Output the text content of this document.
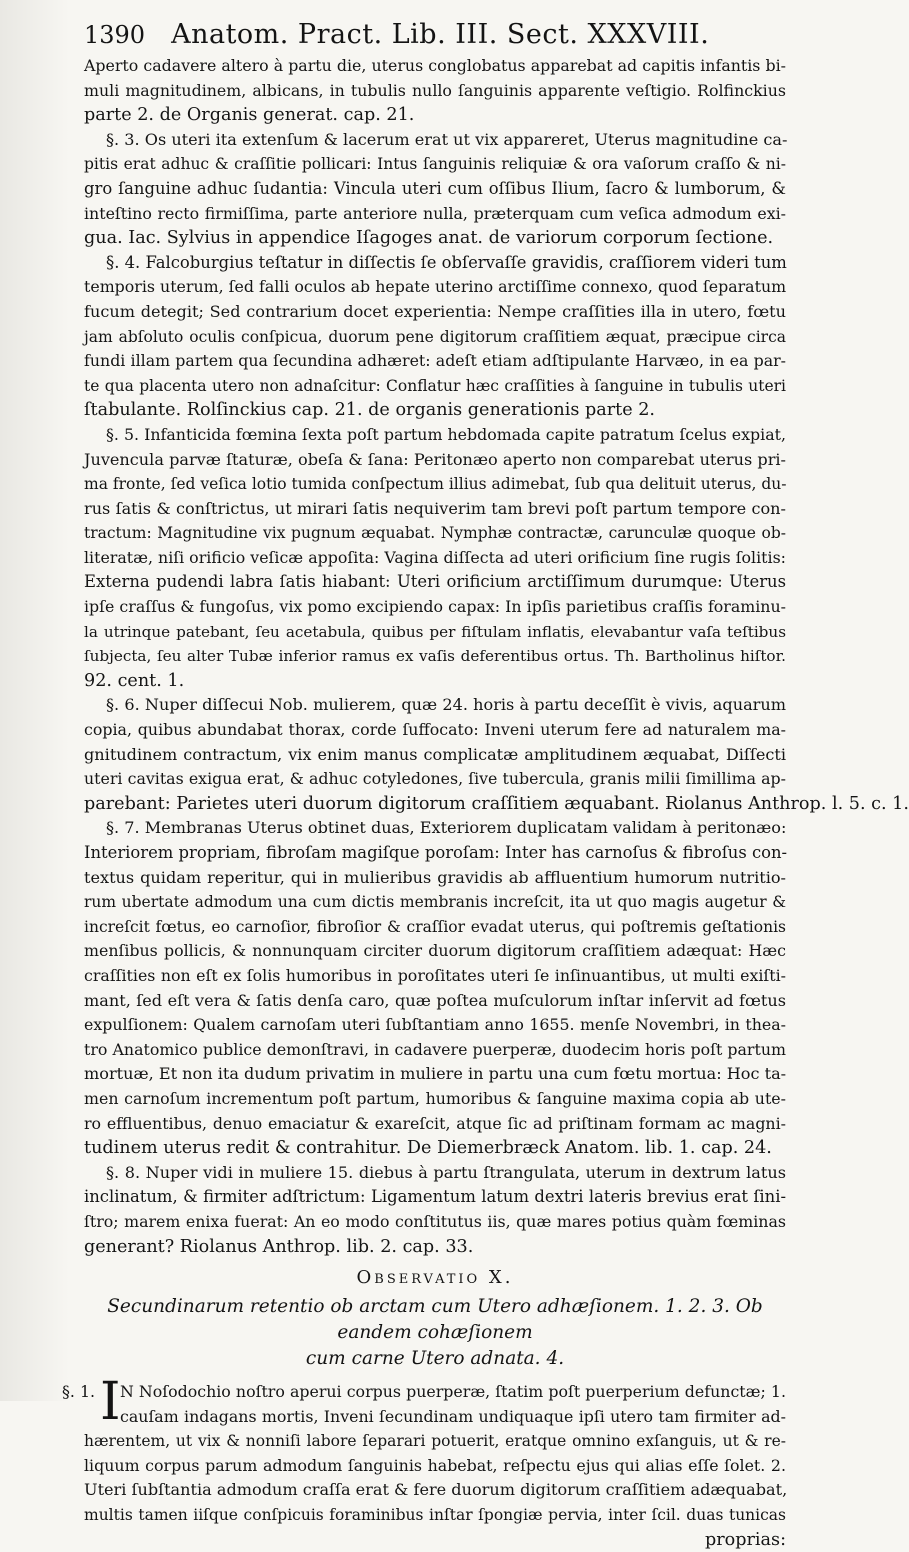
1390 Anatom. Pract. Lib. III. Sect. XXXVIII.
Aperto cadavere altero à partu die, uterus conglobatus apparebat ad capitis infantis bi-
muli magnitudinem, albicans, in tubulis nullo ſanguinis apparente veſtigio. Rolfinckius
parte 2. de Organis generat. cap. 21.
§. 3. Os uteri ita extenſum & lacerum erat ut vix appareret, Uterus magnitudine ca-
pitis erat adhuc & craſſitie pollicari: Intus ſanguinis reliquiæ & ora vaſorum craſſo & ni-
gro ſanguine adhuc ſudantia: Vincula uteri cum oſſibus Ilium, ſacro & lumborum, &
inteſtino recto firmiſſima, parte anteriore nulla, præterquam cum veſica admodum exi-
gua. Iac. Sylvius in appendice Iſagoges anat. de variorum corporum ſectione.
§. 4. Falcoburgius teſtatur in diſſectis ſe obſervaſſe gravidis, craſſiorem videri tum
temporis uterum, ſed falli oculos ab hepate uterino arctiſſime connexo, quod ſeparatum
fucum detegit; Sed contrarium docet experientia: Nempe craſſities illa in utero, fœtu
jam abſoluto oculis conſpicua, duorum pene digitorum craſſitiem æquat, præcipue circa
fundi illam partem qua ſecundina adhæret: adeſt etiam adſtipulante Harvæo, in ea par-
te qua placenta utero non adnaſcitur: Conflatur hæc craſſities à ſanguine in tubulis uteri
ſtabulante. Rolſinckius cap. 21. de organis generationis parte 2.
§. 5. Infanticida fœmina ſexta poſt partum hebdomada capite patratum ſcelus expiat,
Juvencula parvæ ſtaturæ, obeſa & ſana: Peritonæo aperto non comparebat uterus pri-
ma fronte, ſed veſica lotio tumida conſpectum illius adimebat, ſub qua delituit uterus, du-
rus ſatis & conſtrictus, ut mirari ſatis nequiverim tam brevi poſt partum tempore con-
tractum: Magnitudine vix pugnum æquabat. Nymphæ contractæ, carunculæ quoque ob-
literatæ, niſi orificio veſicæ appoſita: Vagina diſſecta ad uteri orificium ſine rugis ſolitis:
Externa pudendi labra ſatis hiabant: Uteri orificium arctiſſimum durumque: Uterus
ipſe craſſus & fungoſus, vix pomo excipiendo capax: In ipſis parietibus craſſis foraminu-
la utrinque patebant, ſeu acetabula, quibus per fiſtulam inflatis, elevabantur vaſa teſtibus
ſubjecta, ſeu alter Tubæ inferior ramus ex vaſis deferentibus ortus. Th. Bartholinus hiſtor.
92. cent. 1.
§. 6. Nuper diſſecui Nob. mulierem, quæ 24. horis à partu deceſſit è vivis, aquarum
copia, quibus abundabat thorax, corde ſuffocato: Inveni uterum fere ad naturalem ma-
gnitudinem contractum, vix enim manus complicatæ amplitudinem æquabat, Diſſecti
uteri cavitas exigua erat, & adhuc cotyledones, ſive tubercula, granis milii ſimillima ap-
parebant: Parietes uteri duorum digitorum craſſitiem æquabant. Riolanus Anthrop. l. 5. c. 1.
§. 7. Membranas Uterus obtinet duas, Exteriorem duplicatam validam à peritonæo:
Interiorem propriam, fibroſam magiſque poroſam: Inter has carnoſus & fibroſus con-
textus quidam reperitur, qui in mulieribus gravidis ab affluentium humorum nutritio-
rum ubertate admodum una cum dictis membranis increſcit, ita ut quo magis augetur &
increſcit fœtus, eo carnoſior, fibroſior & craſſior evadat uterus, qui poſtremis geſtationis
menſibus pollicis, & nonnunquam circiter duorum digitorum craſſitiem adæquat: Hæc
craſſities non eſt ex ſolis humoribus in poroſitates uteri ſe inſinuantibus, ut multi exiſti-
mant, ſed eſt vera & ſatis denſa caro, quæ poſtea muſculorum inſtar inſervit ad fœtus
expulſionem: Qualem carnoſam uteri ſubſtantiam anno 1655. menſe Novembri, in thea-
tro Anatomico publice demonſtravi, in cadavere puerperæ, duodecim horis poſt partum
mortuæ, Et non ita dudum privatim in muliere in partu una cum fœtu mortua: Hoc ta-
men carnoſum incrementum poſt partum, humoribus & ſanguine maxima copia ab ute-
ro effluentibus, denuo emaciatur & exareſcit, atque ſic ad priſtinam formam ac magni-
tudinem uterus redit & contrahitur. De Diemerbræck Anatom. lib. 1. cap. 24.
§. 8. Nuper vidi in muliere 15. diebus à partu ſtrangulata, uterum in dextrum latus
inclinatum, & firmiter adſtrictum: Ligamentum latum dextri lateris brevius erat ſini-
ſtro; marem enixa fuerat: An eo modo conſtitutus iis, quæ mares potius quàm fœminas
generant? Riolanus Anthrop. lib. 2. cap. 33.
Observatio X.
Secundinarum retentio ob arctam cum Utero adhæſionem. 1. 2. 3. Ob eandem cohæſionem
cum carne Utero adnata. 4.
§. 1. I N Noſodochio noſtro aperui corpus puerperæ, ſtatim poſt puerperium defunctæ; 1.
cauſam indagans mortis, Inveni ſecundinam undiquaque ipſi utero tam firmiter ad-
hærentem, ut vix & nonniſi labore ſeparari potuerit, eratque omnino exſanguis, ut & re-
liquum corpus parum admodum ſanguinis habebat, reſpectu ejus qui alias eſſe ſolet. 2.
Uteri ſubſtantia admodum craſſa erat & fere duorum digitorum craſſitiem adæquabat,
multis tamen iiſque conſpicuis foraminibus inſtar ſpongiæ pervia, inter ſcil. duas tunicas
proprias:
